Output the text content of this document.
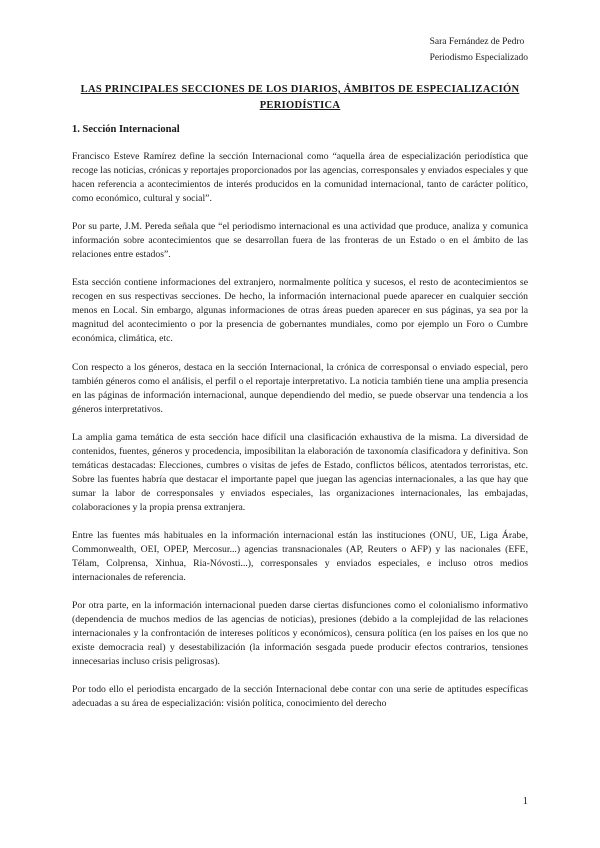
Sara Fernández de Pedro
Periodismo Especializado
LAS PRINCIPALES SECCIONES DE LOS DIARIOS, ÁMBITOS DE ESPECIALIZACIÓN PERIODÍSTICA
1. Sección Internacional

Francisco Esteve Ramírez define la sección Internacional como “aquella área de especialización periodística que recoge las noticias, crónicas y reportajes proporcionados por las agencias, corresponsales y enviados especiales y que hacen referencia a acontecimientos de interés producidos en la comunidad internacional, tanto de carácter político, como económico, cultural y social”.

Por su parte, J.M. Pereda señala que “el periodismo internacional es una actividad que produce, analiza y comunica información sobre acontecimientos que se desarrollan fuera de las fronteras de un Estado o en el ámbito de las relaciones entre estados”.

Esta sección contiene informaciones del extranjero, normalmente política y sucesos, el resto de acontecimientos se recogen en sus respectivas secciones. De hecho, la información internacional puede aparecer en cualquier sección menos en Local. Sin embargo, algunas informaciones de otras áreas pueden aparecer en sus páginas, ya sea por la magnitud del acontecimiento o por la presencia de gobernantes mundiales, como por ejemplo un Foro o Cumbre económica, climática, etc.

Con respecto a los géneros, destaca en la sección Internacional, la crónica de corresponsal o enviado especial, pero también géneros como el análisis, el perfil o el reportaje interpretativo. La noticia también tiene una amplia presencia en las páginas de información internacional, aunque dependiendo del medio, se puede observar una tendencia a los géneros interpretativos.

La amplia gama temática de esta sección hace difícil una clasificación exhaustiva de la misma. La diversidad de contenidos, fuentes, géneros y procedencia, imposibilitan la elaboración de taxonomía clasificadora y definitiva. Son temáticas destacadas: Elecciones, cumbres o visitas de jefes de Estado, conflictos bélicos, atentados terroristas, etc. Sobre las fuentes habría que destacar el importante papel que juegan las agencias internacionales, a las que hay que sumar la labor de corresponsales y enviados especiales, las organizaciones internacionales, las embajadas, colaboraciones y la propia prensa extranjera.

Entre las fuentes más habituales en la información internacional están las instituciones (ONU, UE, Liga Árabe, Commonwealth, OEI, OPEP, Mercosur...) agencias transnacionales (AP, Reuters o AFP) y las nacionales (EFE, Télam, Colprensa, Xinhua, Ria-Nóvosti...), corresponsales y enviados especiales, e incluso otros medios internacionales de referencia.

Por otra parte, en la información internacional pueden darse ciertas disfunciones como el colonialismo informativo (dependencia de muchos medios de las agencias de noticias), presiones (debido a la complejidad de las relaciones internacionales y la confrontación de intereses políticos y económicos), censura política (en los países en los que no existe democracia real) y desestabilización (la información sesgada puede producir efectos contrarios, tensiones innecesarias incluso crisis peligrosas).

Por todo ello el periodista encargado de la sección Internacional debe contar con una serie de aptitudes específicas adecuadas a su área de especialización: visión política, conocimiento del derecho

1
